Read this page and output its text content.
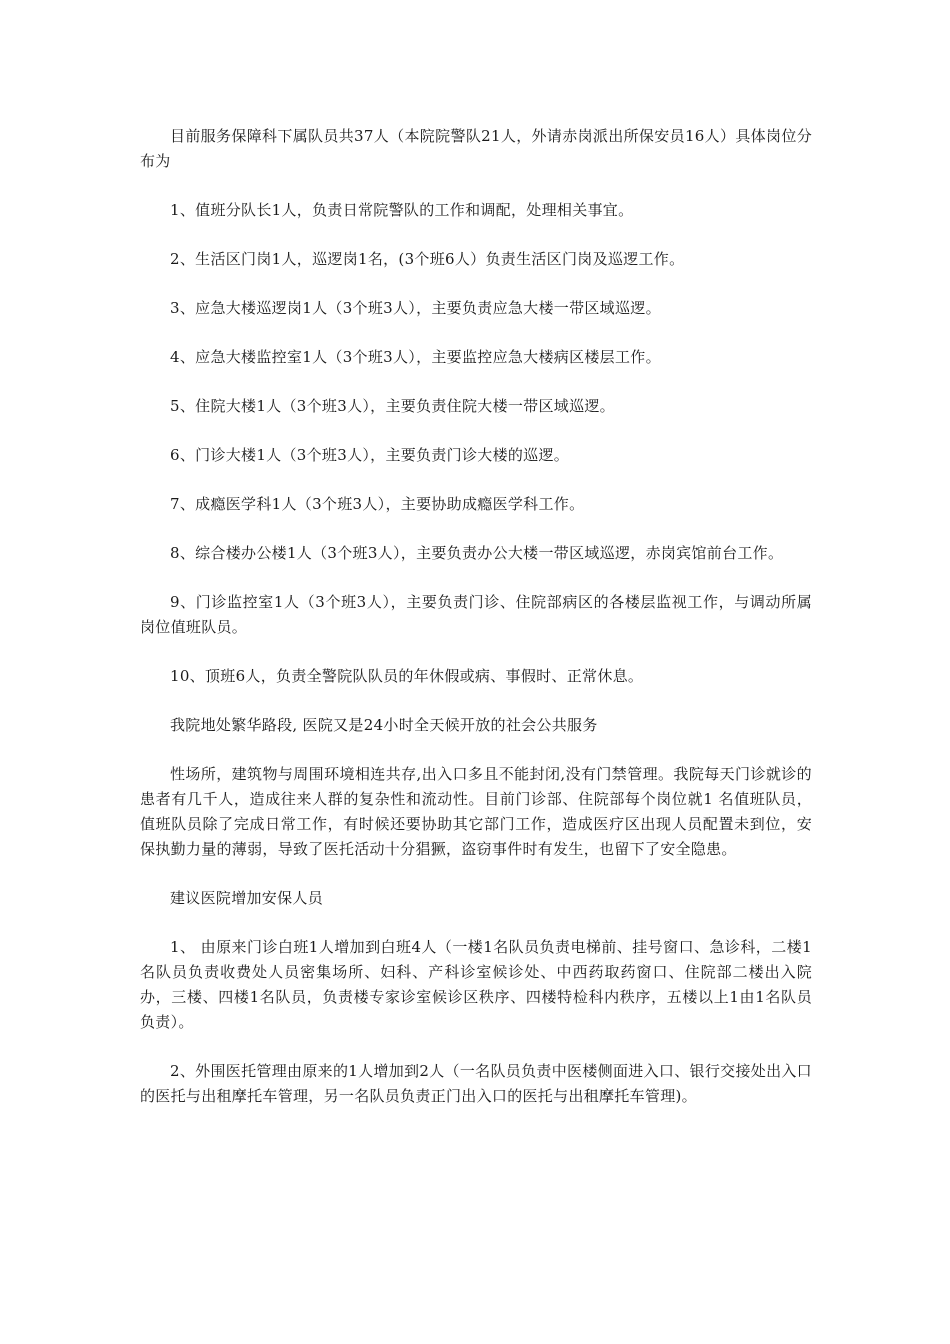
目前服务保障科下属队员共37人（本院院警队21人，外请赤岗派出所保安员16人）具体岗位分布为

1、值班分队长1人，负责日常院警队的工作和调配，处理相关事宜。

2、生活区门岗1人，巡逻岗1名，(3个班6人）负责生活区门岗及巡逻工作。

3、应急大楼巡逻岗1人（3个班3人），主要负责应急大楼一带区域巡逻。

4、应急大楼监控室1人（3个班3人），主要监控应急大楼病区楼层工作。

5、住院大楼1人（3个班3人），主要负责住院大楼一带区域巡逻。

6、门诊大楼1人（3个班3人），主要负责门诊大楼的巡逻。

7、成瘾医学科1人（3个班3人），主要协助成瘾医学科工作。

8、综合楼办公楼1人（3个班3人），主要负责办公大楼一带区域巡逻，赤岗宾馆前台工作。

9、门诊监控室1人（3个班3人），主要负责门诊、住院部病区的各楼层监视工作，与调动所属岗位值班队员。

10、顶班6人，负责全警院队队员的年休假或病、事假时、正常休息。

我院地处繁华路段, 医院又是24小时全天候开放的社会公共服务

性场所，建筑物与周围环境相连共存,出入口多且不能封闭,没有门禁管理。我院每天门诊就诊的患者有几千人，造成往来人群的复杂性和流动性。目前门诊部、住院部每个岗位就1 名值班队员，值班队员除了完成日常工作，有时候还要协助其它部门工作，造成医疗区出现人员配置未到位，安保执勤力量的薄弱，导致了医托活动十分猖獗，盗窃事件时有发生，也留下了安全隐患。

建议医院增加安保人员

1、 由原来门诊白班1人增加到白班4人（一楼1名队员负责电梯前、挂号窗口、急诊科，二楼1名队员负责收费处人员密集场所、妇科、产科诊室候诊处、中西药取药窗口、住院部二楼出入院办，三楼、四楼1名队员，负责楼专家诊室候诊区秩序、四楼特检科内秩序，五楼以上1由1名队员负责）。

2、外围医托管理由原来的1人增加到2人（一名队员负责中医楼侧面进入口、银行交接处出入口的医托与出租摩托车管理，另一名队员负责正门出入口的医托与出租摩托车管理)。
